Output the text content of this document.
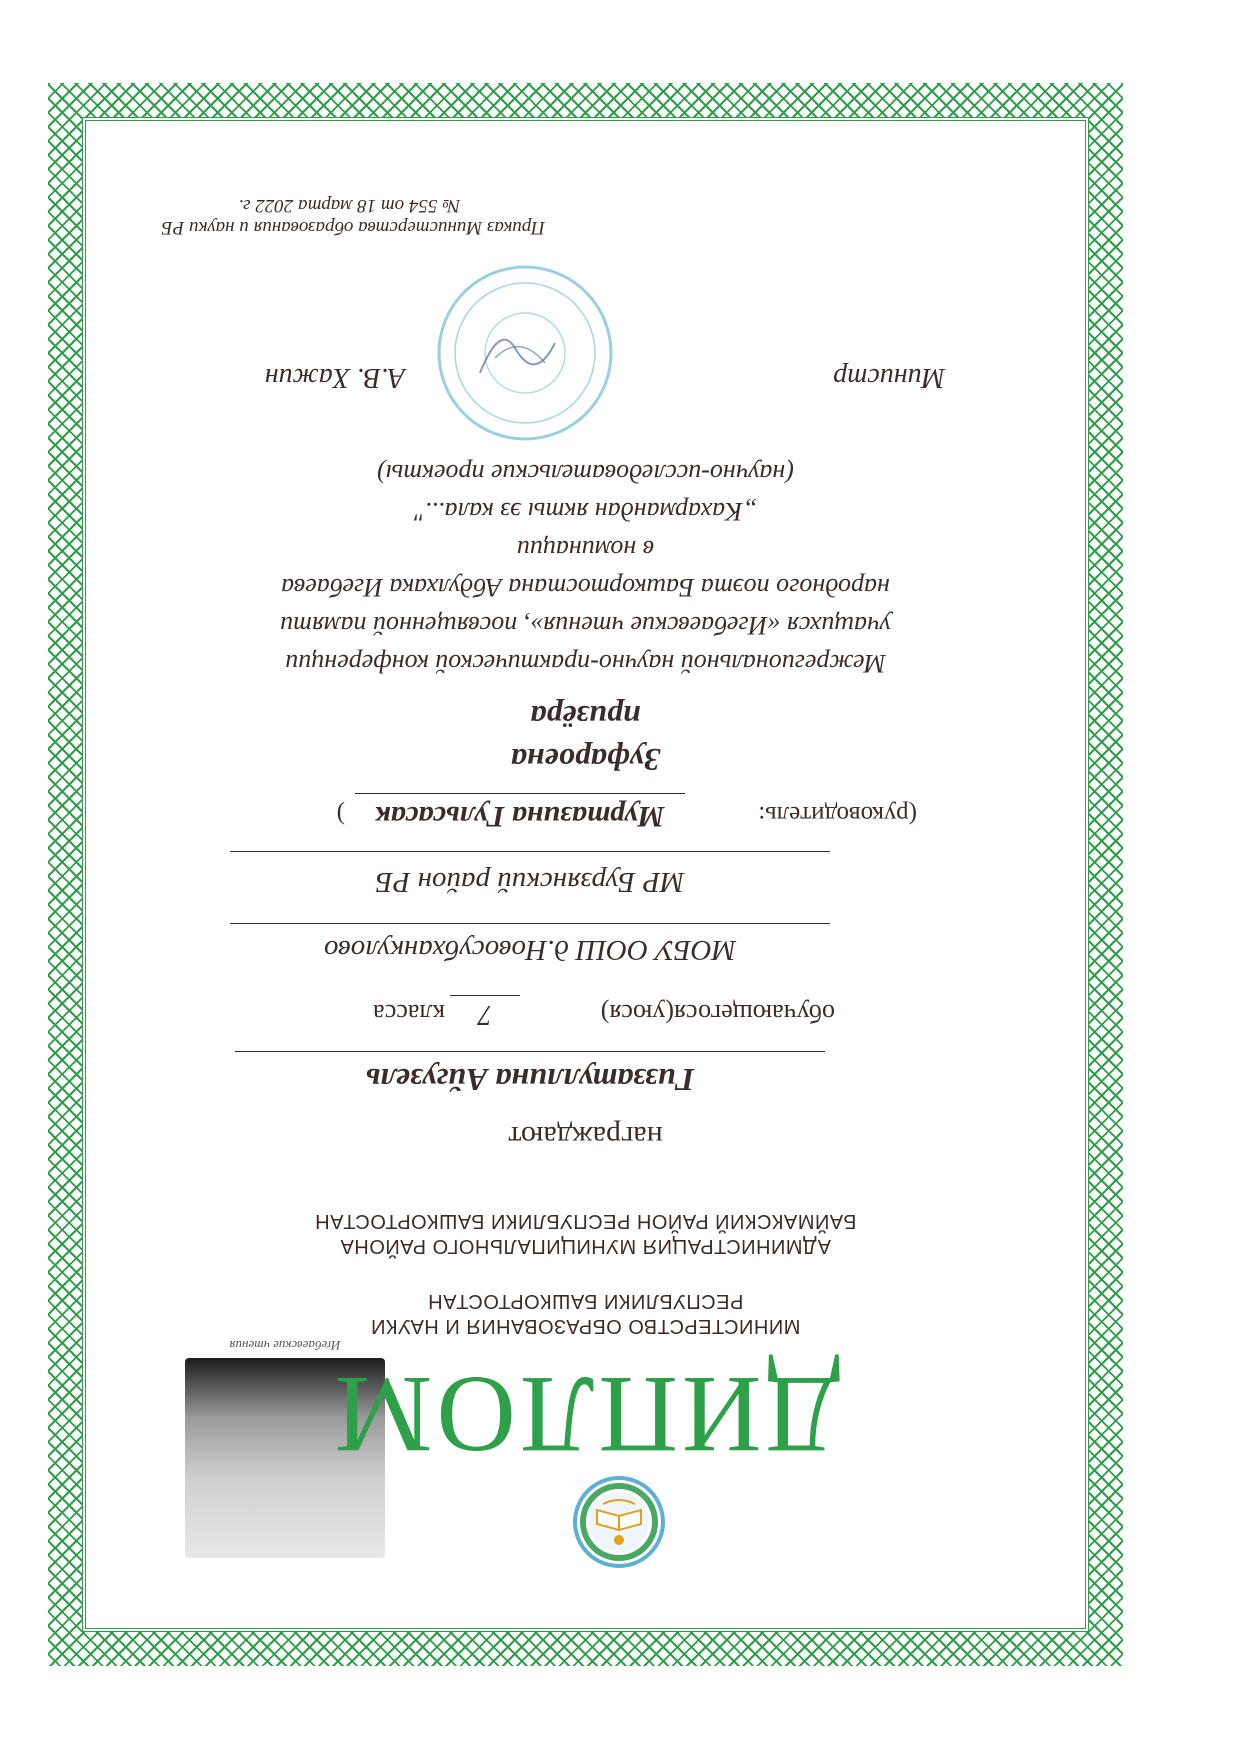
Иґебаевские чтения
ДИПЛОМ
МИНИСТЕРСТВО ОБРАЗОВАНИЯ И НАУКИ
РЕСПУБЛИКИ БАШКОРТОСТАН
АДМИНИСТРАЦИЯ МУНИЦИПАЛЬНОГО РАЙОНА
БАЙМАКСКИЙ РАЙОН РЕСПУБЛИКИ БАШКОРТОСТАН
награждают
Гиззатуллина Айгузель
обучающегося(уюся)
7
класса
МОБУ ООШ д.Новосубханкулово
МР Бурзянский район РБ
(руководитель:
Муртазина Гульсасак
)
Зуфароена
призёра
Межрегиональной научно-практической конференции
учащихся «Игебаевские чтения», посвященной памяти
народного поэта Башкортостана Абдулхака Игебаева
в номинации
„Кахармандан якты эз кала..."
(научно-исследовательские проекты)
Министр
А.В. Хажин
Приказ Министерства образования и науки РБ
№ 554 от 18 марта 2022 г.
